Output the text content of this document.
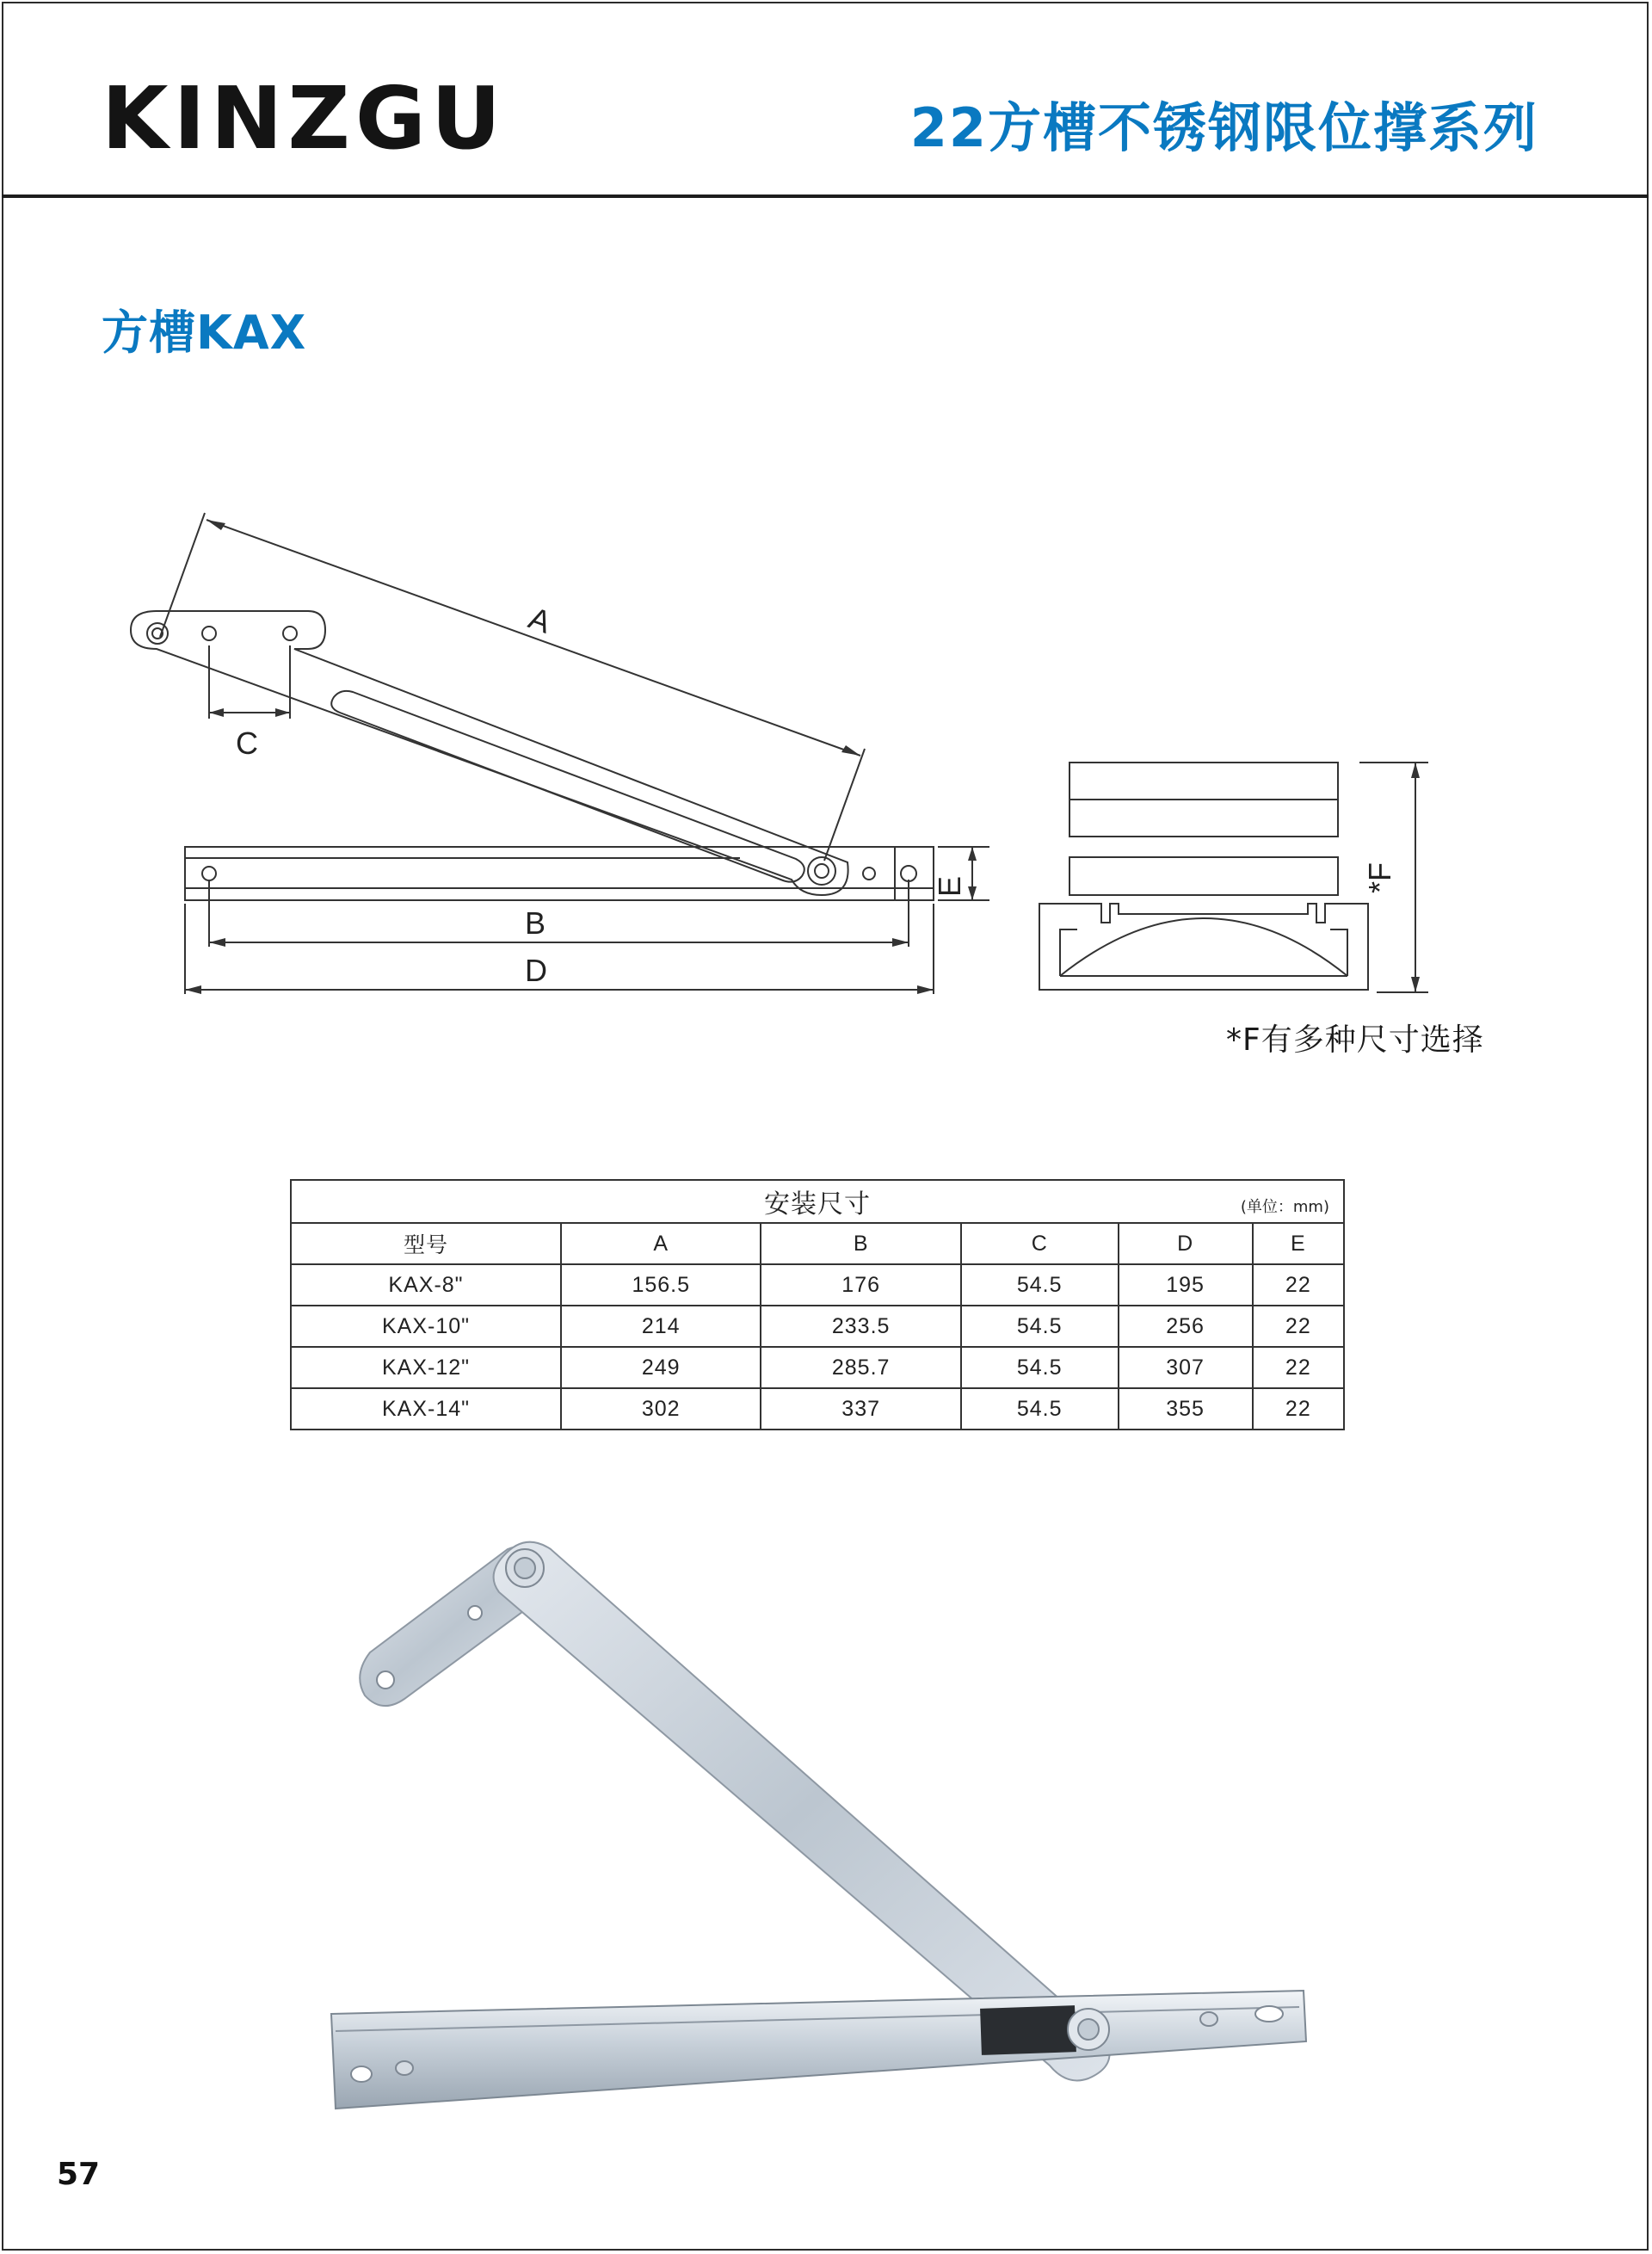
KINZGU	22方槽不锈钢限位撑系列
方槽KAX
A
C
B
D
E	*F
*F有多种尺寸选择
安装尺寸 (单位：mm)					

型号	A	B	C	D	E
KAX-8"	156.5	176	54.5	195	22
KAX-10"	214	233.5	54.5	256	22
KAX-12"	249	285.7	54.5	307	22
KAX-14"	302	337	54.5	355	22
57
